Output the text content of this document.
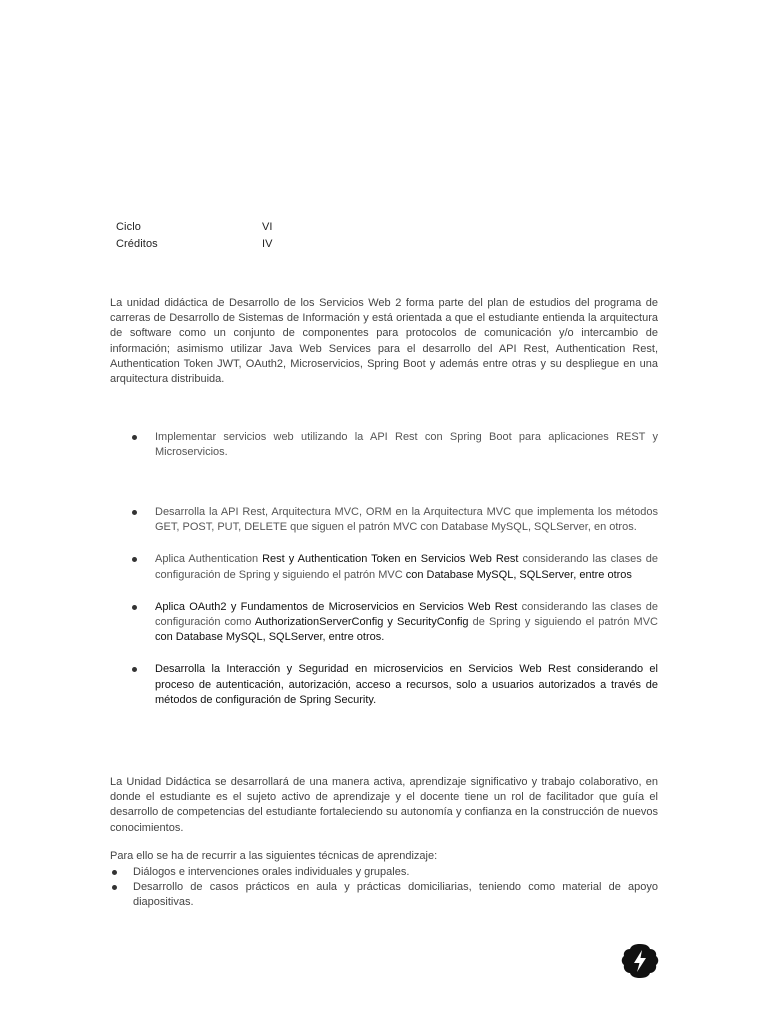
Ciclo	VI
Créditos	IV
La unidad didáctica de Desarrollo de los Servicios Web 2 forma parte del plan de estudios del programa de carreras de Desarrollo de Sistemas de Información y está orientada a que el estudiante entienda la arquitectura de software como un conjunto de componentes para protocolos de comunicación y/o intercambio de información; asimismo utilizar Java Web Services para el desarrollo del API Rest, Authentication Rest, Authentication Token JWT, OAuth2, Microservicios, Spring Boot y además entre otras y su despliegue en una arquitectura distribuida.
Implementar servicios web utilizando la API Rest con Spring Boot para aplicaciones REST y Microservicios.
Desarrolla la API Rest, Arquitectura MVC, ORM en la Arquitectura MVC que implementa los métodos GET, POST, PUT, DELETE que siguen el patrón MVC con Database MySQL, SQLServer, en otros.
Aplica Authentication Rest y Authentication Token en Servicios Web Rest considerando las clases de configuración de Spring y siguiendo el patrón MVC con Database MySQL, SQLServer, entre otros
Aplica OAuth2 y Fundamentos de Microservicios en Servicios Web Rest considerando las clases de configuración como AuthorizationServerConfig y SecurityConfig de Spring y siguiendo el patrón MVC con Database MySQL, SQLServer, entre otros.
Desarrolla la Interacción y Seguridad en microservicios en Servicios Web Rest considerando el proceso de autenticación, autorización, acceso a recursos, solo a usuarios autorizados a través de métodos de configuración de Spring Security.
La Unidad Didáctica se desarrollará de una manera activa, aprendizaje significativo y trabajo colaborativo, en donde el estudiante es el sujeto activo de aprendizaje y el docente tiene un rol de facilitador que guía el desarrollo de competencias del estudiante fortaleciendo su autonomía y confianza en la construcción de nuevos conocimientos.
Para ello se ha de recurrir a las siguientes técnicas de aprendizaje:
Diálogos e intervenciones orales individuales y grupales.
Desarrollo de casos prácticos en aula y prácticas domiciliarias, teniendo como material de apoyo diapositivas.
